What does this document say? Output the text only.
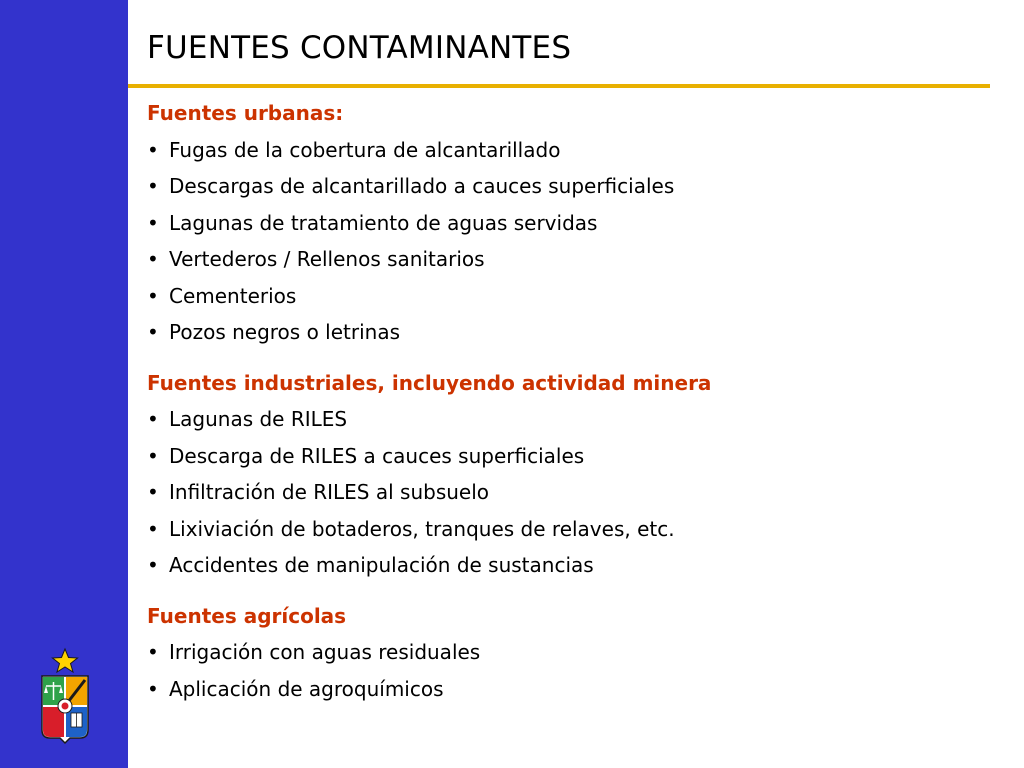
FUENTES CONTAMINANTES
Fuentes urbanas:
• Fugas de la cobertura de alcantarillado
• Descargas de alcantarillado a cauces superficiales
• Lagunas de tratamiento de aguas servidas
• Vertederos / Rellenos sanitarios
• Cementerios
• Pozos negros o letrinas
Fuentes industriales, incluyendo actividad minera
• Lagunas de RILES
• Descarga de RILES a cauces superficiales
• Infiltración de RILES al subsuelo
• Lixiviación de botaderos, tranques de relaves, etc.
• Accidentes de manipulación de sustancias
Fuentes agrícolas
• Irrigación con aguas residuales
• Aplicación de agroquímicos
